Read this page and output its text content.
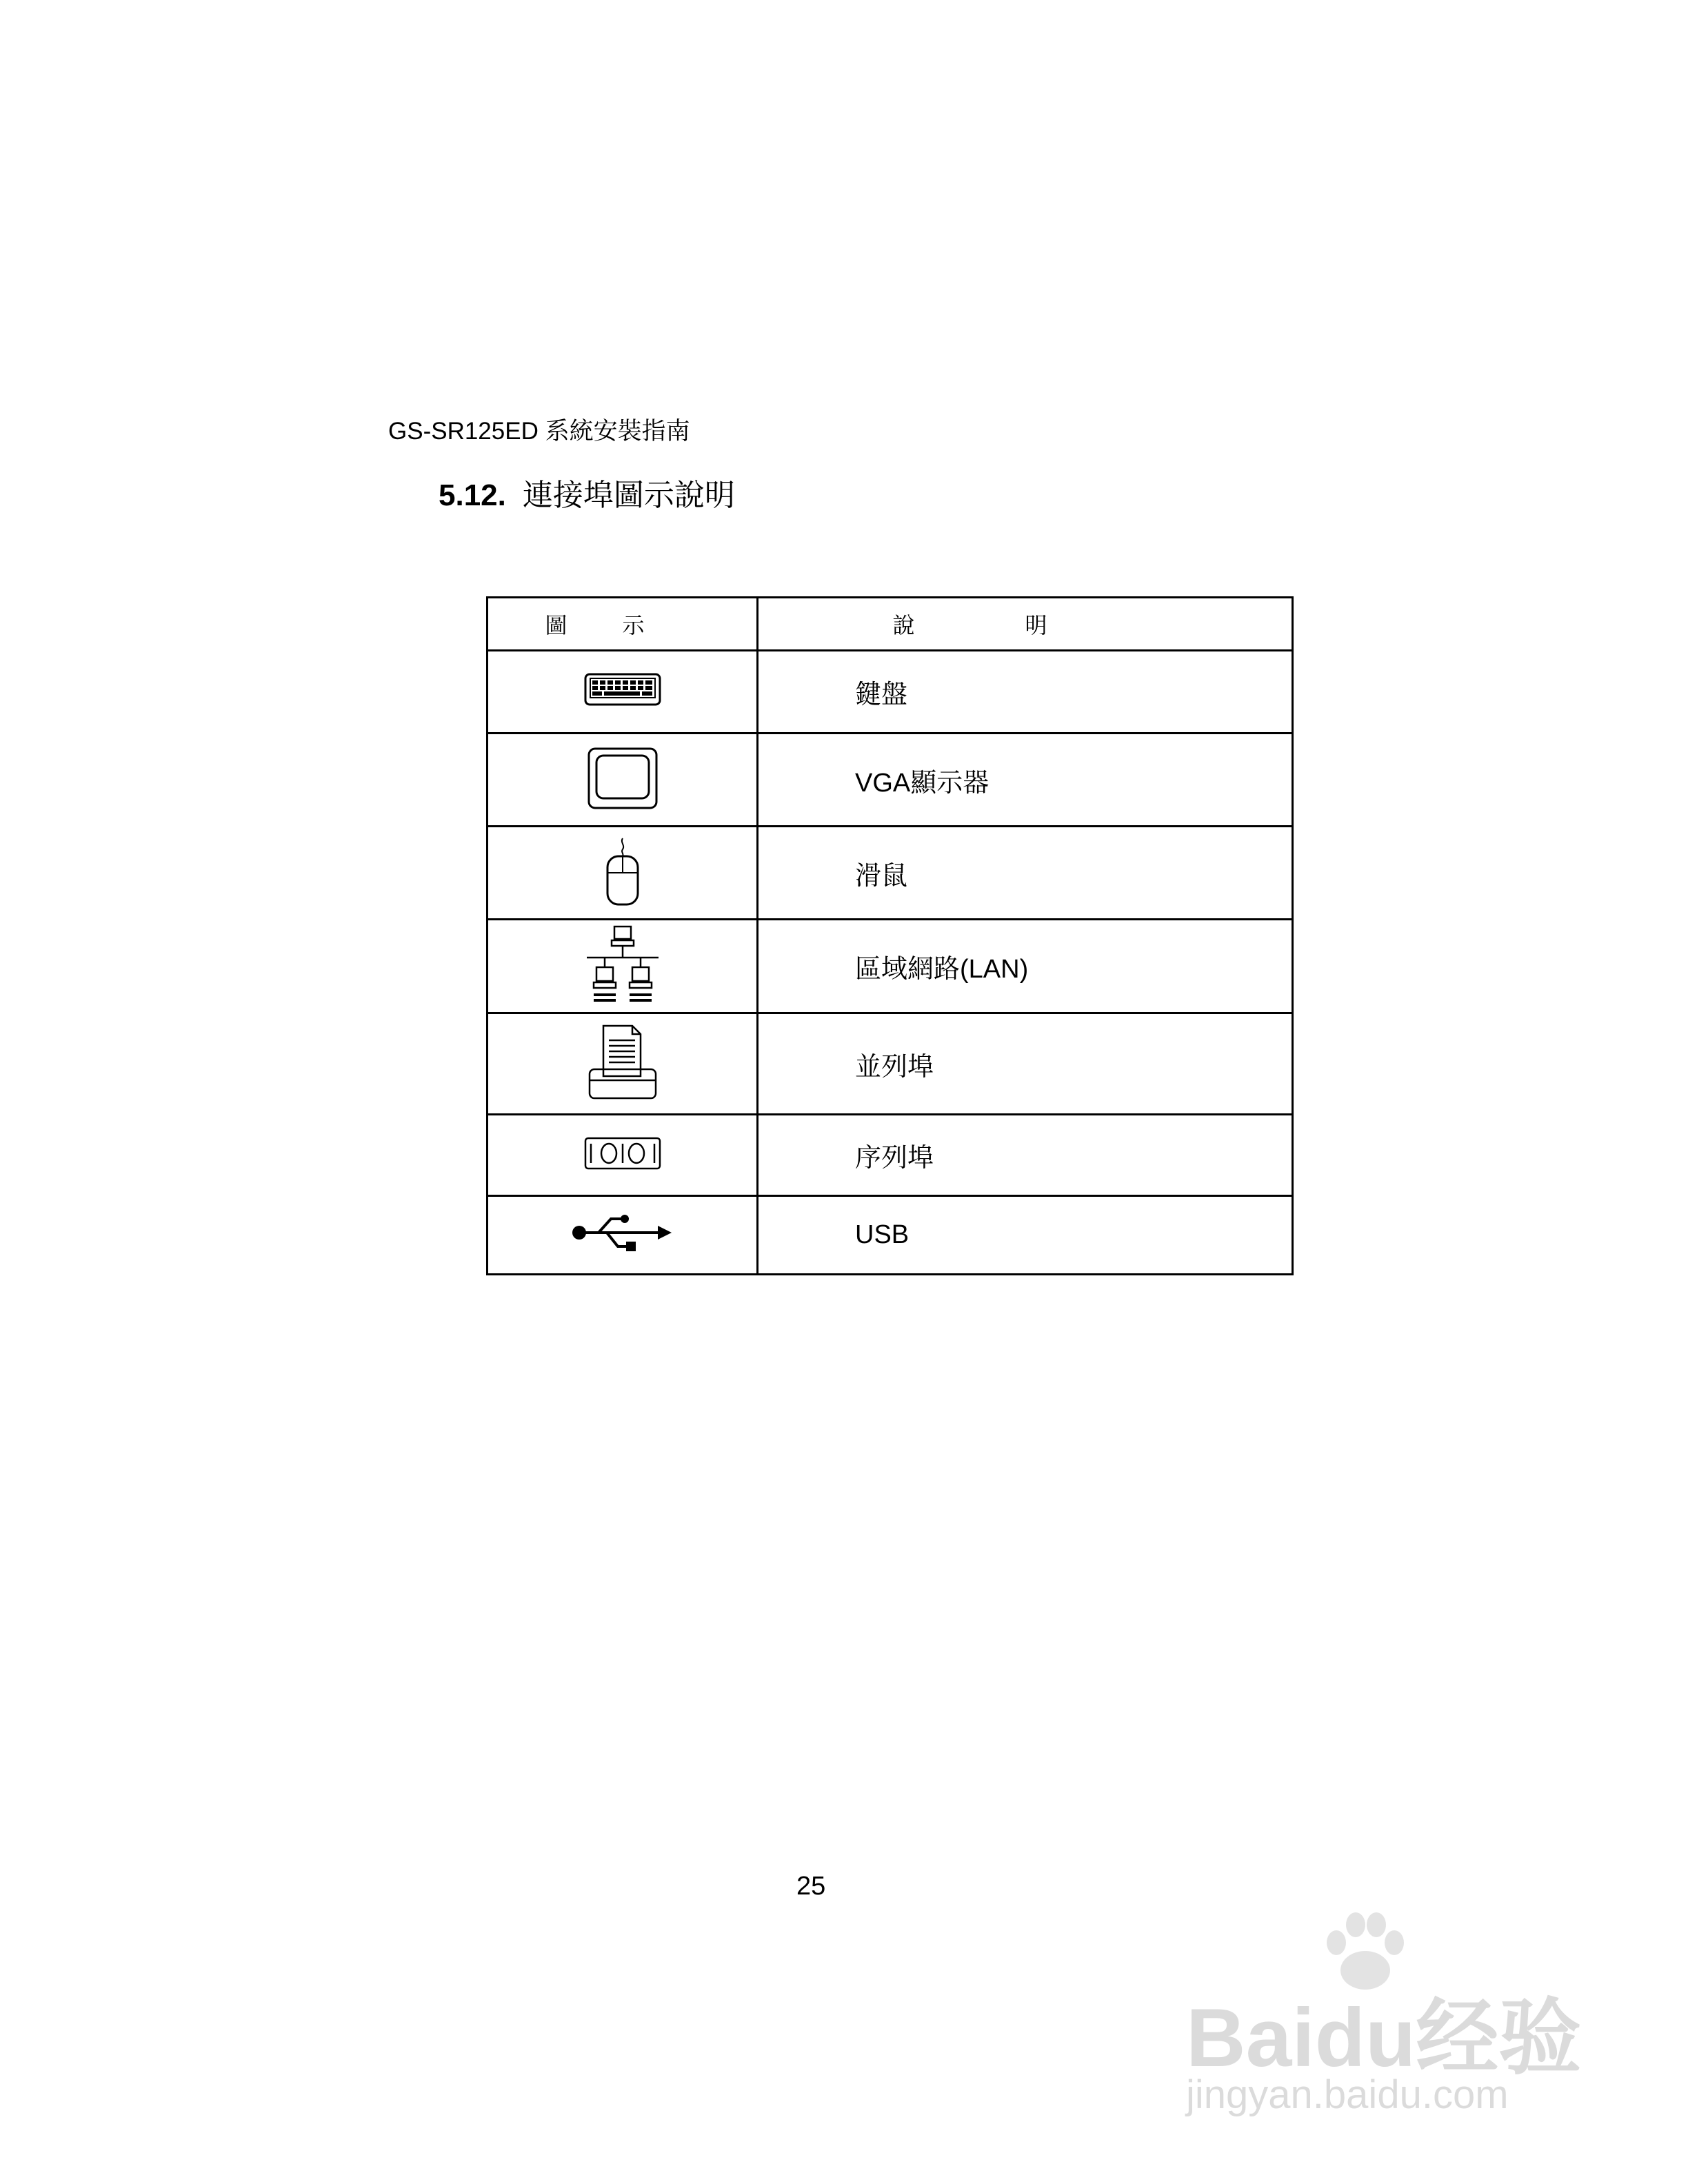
GS-SR125ED 系統安裝指南
5.12. 連接埠圖示說明
圖示	說明
	鍵盤
	VGA顯示器
	滑鼠
	區域網路(LAN)
	並列埠
	序列埠
	USB
25
Baidu经验
jingyan.baidu.com
